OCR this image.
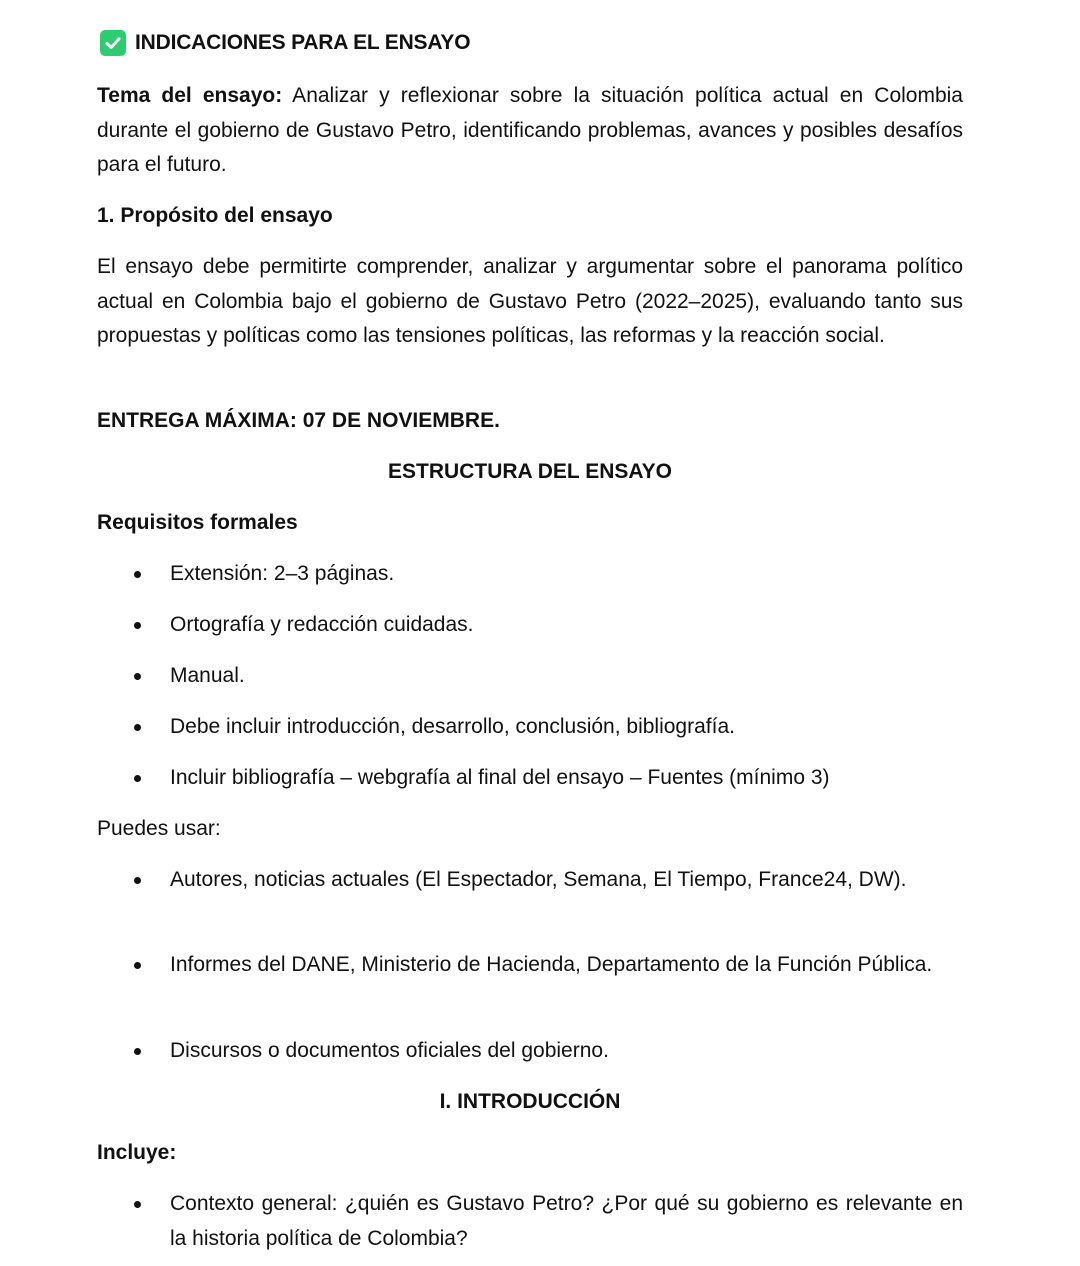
INDICACIONES PARA EL ENSAYO
Tema del ensayo: Analizar y reflexionar sobre la situación política actual en Colombia durante el gobierno de Gustavo Petro, identificando problemas, avances y posibles desafíos para el futuro.
1. Propósito del ensayo
El ensayo debe permitirte comprender, analizar y argumentar sobre el panorama político actual en Colombia bajo el gobierno de Gustavo Petro (2022–2025), evaluando tanto sus propuestas y políticas como las tensiones políticas, las reformas y la reacción social.
ENTREGA MÁXIMA: 07 DE NOVIEMBRE.
ESTRUCTURA DEL ENSAYO
Requisitos formales
Extensión: 2–3 páginas.
Ortografía y redacción cuidadas.
Manual.
Debe incluir introducción, desarrollo, conclusión, bibliografía.
Incluir bibliografía – webgrafía al final del ensayo – Fuentes (mínimo 3)
Puedes usar:
Autores, noticias actuales (El Espectador, Semana, El Tiempo, France24, DW).
Informes del DANE, Ministerio de Hacienda, Departamento de la Función Pública.
Discursos o documentos oficiales del gobierno.
I. INTRODUCCIÓN
Incluye:
Contexto general: ¿quién es Gustavo Petro? ¿Por qué su gobierno es relevante en la historia política de Colombia?
